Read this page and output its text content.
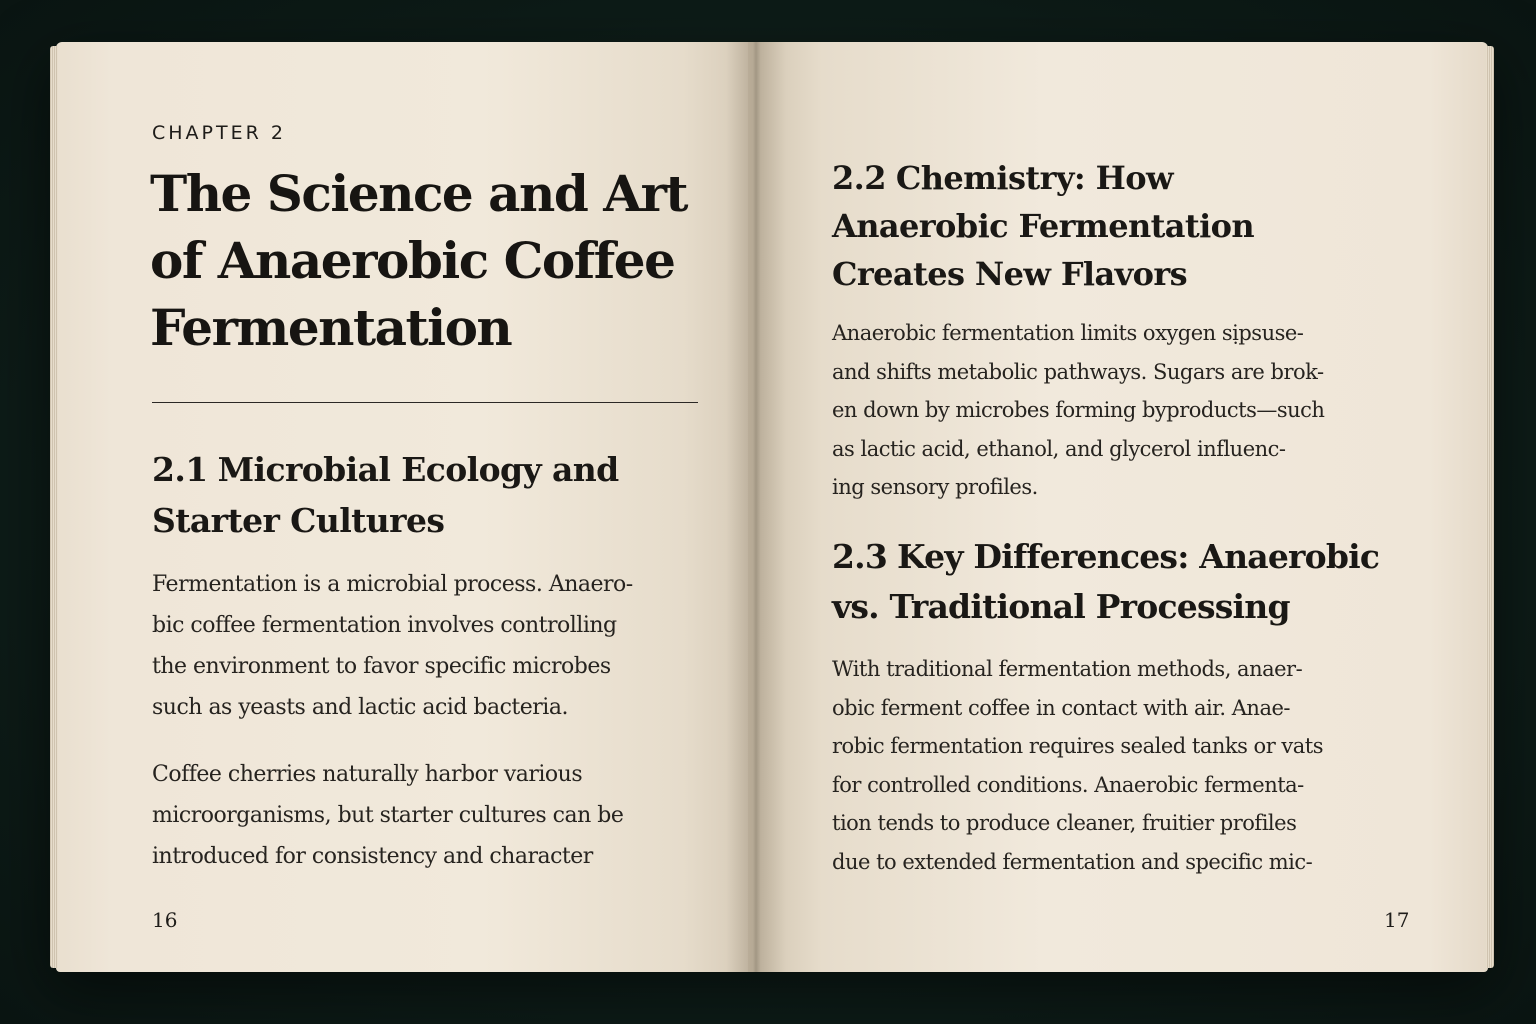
CHAPTER 2
The Science and Art
of Anaerobic Coffee
Fermentation
2.1 Microbial Ecology and
Starter Cultures

Fermentation is a microbial process. Anaero-
bic coffee fermentation involves controlling
the environment to favor specific microbes
such as yeasts and lactic acid bacteria.

Coffee cherries naturally harbor various
microorganisms, but starter cultures can be
introduced for consistency and character

16
2.2 Chemistry: How
Anaerobic Fermentation
Creates New Flavors

Anaerobic fermentation limits oxygen sịpsuse-
and shifts metabolic pathways. Sugars are brok-
en down by microbes forming byproducts—such
as lactic acid, ethanol, and glycerol influenc-
ing sensory profiles.

2.3 Key Differences: Anaerobic
vs. Traditional Processing

With traditional fermentation methods, anaer-
obic ferment coffee in contact with air. Anae-
robic fermentation requires sealed tanks or vats
for controlled conditions. Anaerobic fermenta-
tion tends to produce cleaner, fruitier profiles
due to extended fermentation and specific mic-

17
